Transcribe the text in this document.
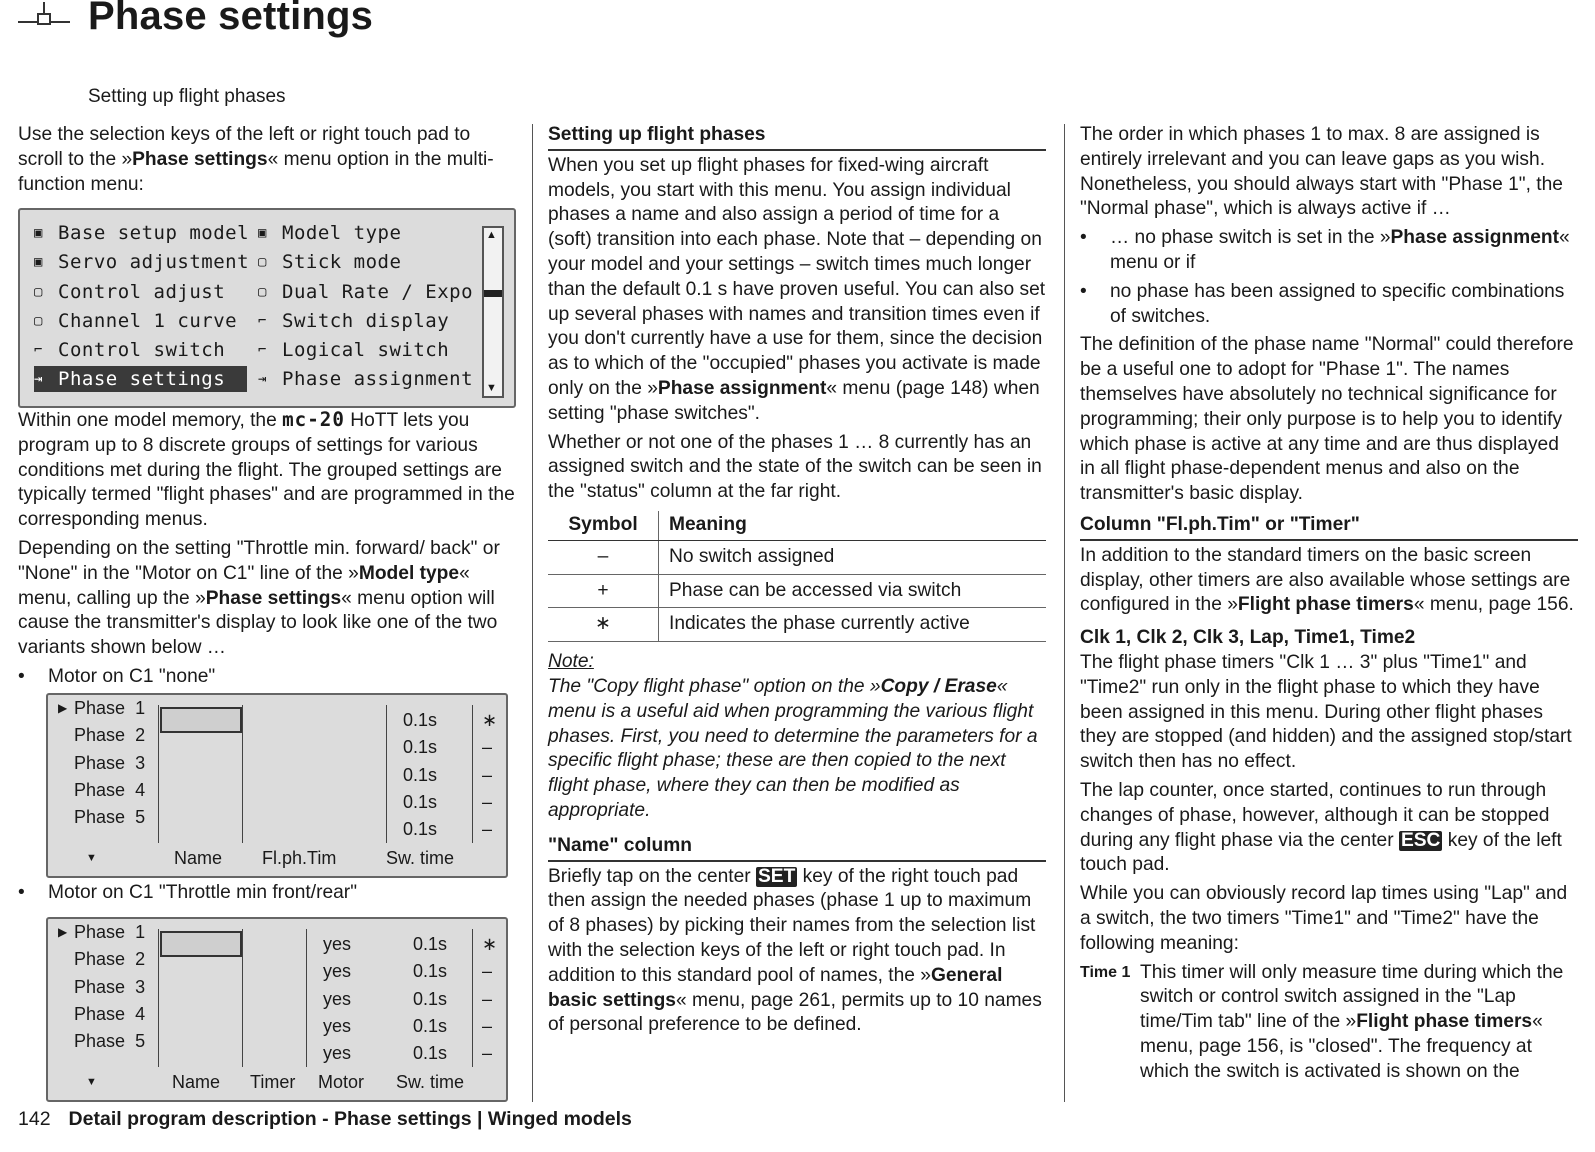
Phase settings
Setting up flight phases

Use the selection keys of the left or right touch pad to scroll to the »Phase settings« menu option in the multi-function menu:

▣ Base setup model
▣ Servo adjustment
▢ Control adjust
▢ Channel 1 curve
⌐ Control switch
⇥ Phase settings
▣ Model type
▢ Stick mode
▢ Dual Rate / Expo
⌐ Switch display
⌐ Logical switch
⇥ Phase assignment
▲
▼

Within one model memory, the mc-20 HoTT lets you program up to 8 discrete groups of settings for various conditions met during the flight. The grouped settings are typically termed "flight phases" and are programmed in the corresponding menus.

Depending on the setting "Throttle min. forward/ back" or "None" in the "Motor on C1" line of the »Model type« menu, calling up the »Phase settings« menu option will cause the transmitter's display to look like one of the two variants shown below …

• Motor on C1 "none"
▶ Phase 1
Phase 2
Phase 3
Phase 4
Phase 5
0.1s
0.1s
0.1s
0.1s
0.1s
∗
–
–
–
–
▼	Name Fl.ph.Tim	Sw. time
• Motor on C1 "Throttle min front/rear"
▶ Phase 1
Phase 2
Phase 3
Phase 4
Phase 5
yes
yes
yes
yes
yes
0.1s
0.1s
0.1s
0.1s
0.1s
∗
–
–
–
–
▼	Name Timer Motor Sw. time
Setting up flight phases

When you set up flight phases for fixed-wing aircraft models, you start with this menu. You assign individual phases a name and also assign a period of time for a (soft) transition into each phase. Note that – depending on your model and your settings – switch times much longer than the default 0.1 s have proven useful. You can also set up several phases with names and transition times even if you don't currently have a use for them, since the decision as to which of the "occupied" phases you activate is made only on the »Phase assignment« menu (page 148) when setting "phase switches".

Whether or not one of the phases 1 … 8 currently has an assigned switch and the state of the switch can be seen in the "status" column at the far right.

Symbol	Meaning
–	No switch assigned
+	Phase can be accessed via switch
∗	Indicates the phase currently active

Note:
The "Copy flight phase" option on the »Copy / Erase« menu is a useful aid when programming the various flight phases. First, you need to determine the parameters for a specific flight phase; these are then copied to the next flight phase, where they can then be modified as appropriate.

"Name" column

Briefly tap on the center SET key of the right touch pad then assign the needed phases (phase 1 up to maximum of 8 phases) by picking their names from the selection list with the selection keys of the left or right touch pad. In addition to this standard pool of names, the »General basic settings« menu, page 261, permits up to 10 names of personal preference to be defined.

The order in which phases 1 to max. 8 are assigned is entirely irrelevant and you can leave gaps as you wish. Nonetheless, you should always start with "Phase 1", the "Normal phase", which is always active if …

• … no phase switch is set in the »Phase assignment« menu or if
• no phase has been assigned to specific combinations of switches.

The definition of the phase name "Normal" could therefore be a useful one to adopt for "Phase 1". The names themselves have absolutely no technical significance for programming; their only purpose is to help you to identify which phase is active at any time and are thus displayed in all flight phase-dependent menus and also on the transmitter's basic display.

Column "Fl.ph.Tim" or "Timer"

In addition to the standard timers on the basic screen display, other timers are also available whose settings are configured in the »Flight phase timers« menu, page 156.

Clk 1, Clk 2, Clk 3, Lap, Time1, Time2

The flight phase timers "Clk 1 … 3" plus "Time1" and "Time2" run only in the flight phase to which they have been assigned in this menu. During other flight phases they are stopped (and hidden) and the assigned stop/start switch then has no effect.

The lap counter, once started, continues to run through changes of phase, however, although it can be stopped during any flight phase via the center ESC key of the left touch pad.

While you can obviously record lap times using "Lap" and a switch, the two timers "Time1" and "Time2" have the following meaning:

Time 1 This timer will only measure time during which the switch or control switch assigned in the "Lap time/Tim tab" line of the »Flight phase timers« menu, page 156, is "closed". The frequency at which the switch is activated is shown on the
142 Detail program description - Phase settings | Winged models
